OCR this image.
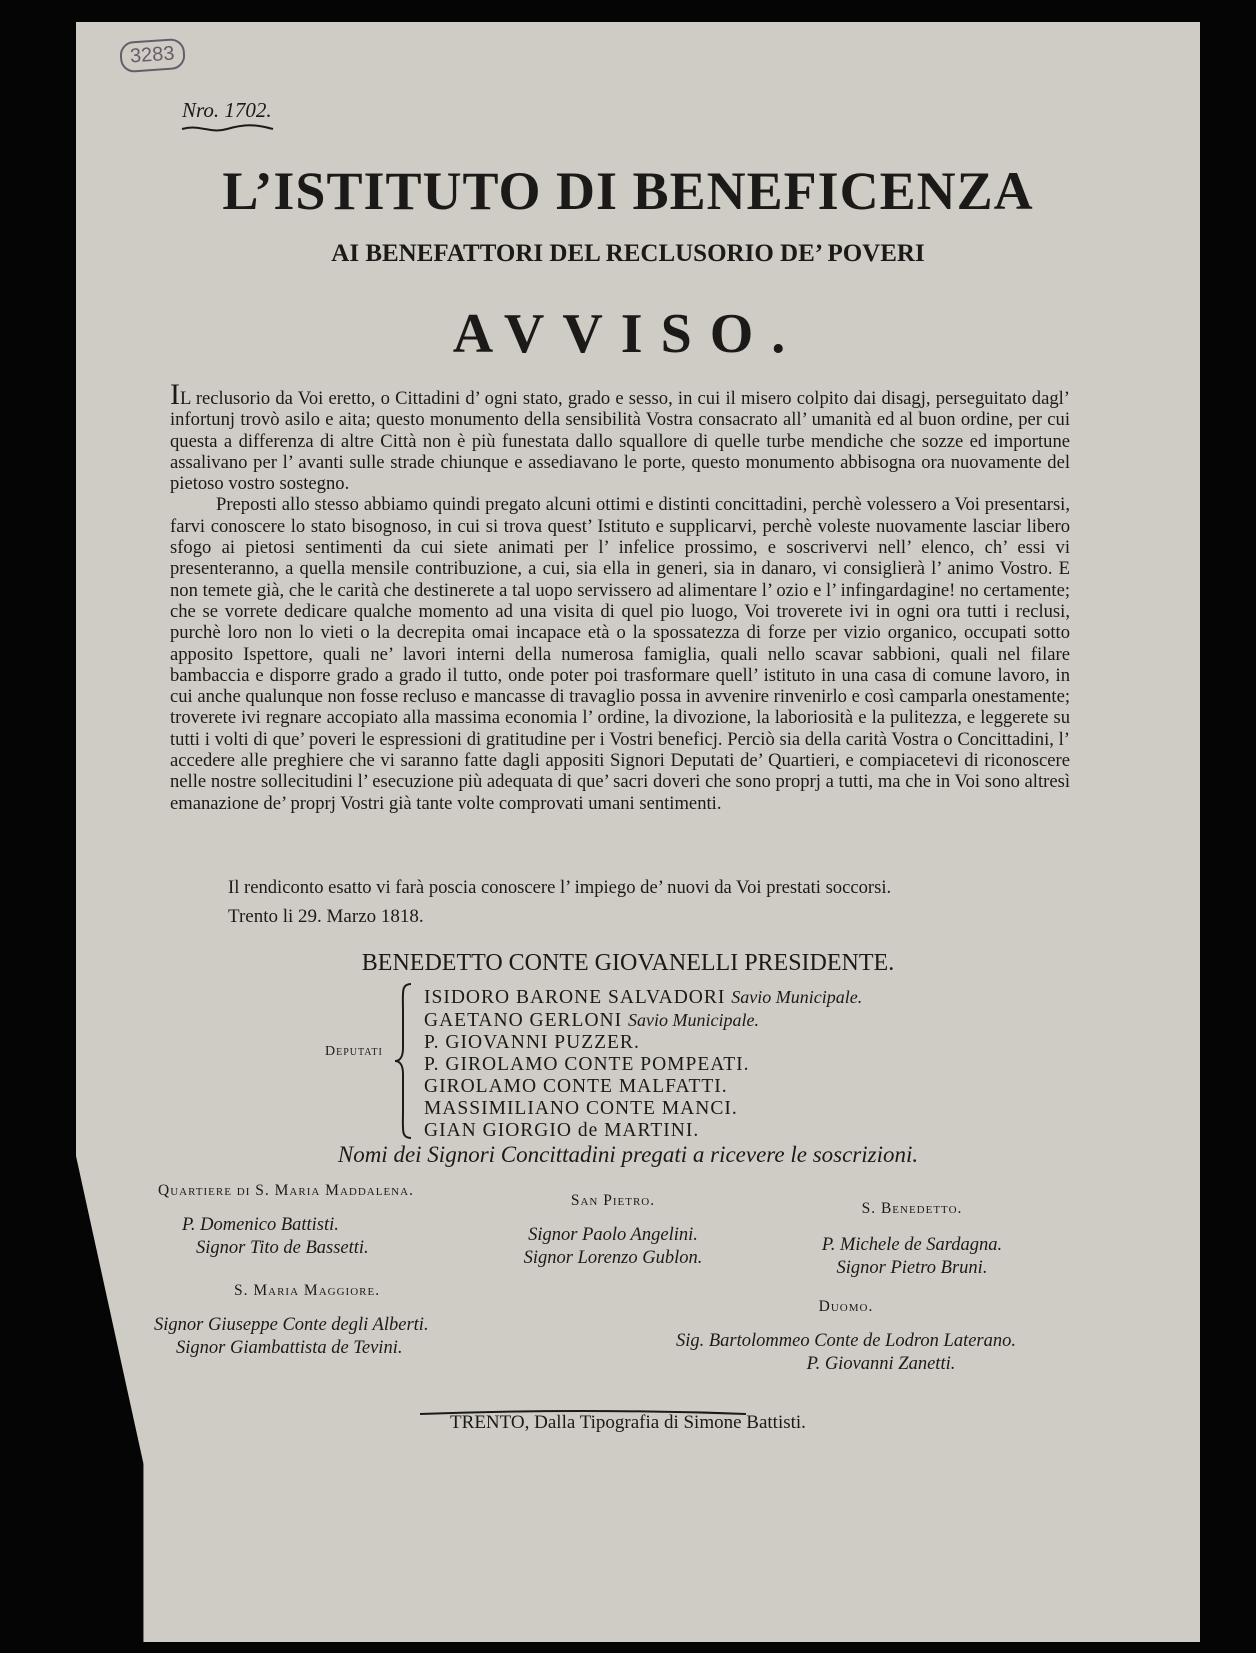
3283
Nro. 1702.
L’ISTITUTO DI BENEFICENZA
AI BENEFATTORI DEL RECLUSORIO DE’ POVERI
AVVISO.

IL reclusorio da Voi eretto, o Cittadini d’ ogni stato, grado e sesso, in cui il misero colpito dai disagj, perseguitato dagl’ infortunj trovò asilo e aita; questo monumento della sensibilità Vostra consacrato all’ umanità ed al buon ordine, per cui questa a differenza di altre Città non è più funestata dallo squallore di quelle turbe mendiche che sozze ed importune assalivano per l’ avanti sulle strade chiunque e assediavano le porte, questo monumento abbisogna ora nuovamente del pietoso vostro sostegno.

Preposti allo stesso abbiamo quindi pregato alcuni ottimi e distinti concittadini, perchè volessero a Voi presentarsi, farvi conoscere lo stato bisognoso, in cui si trova quest’ Istituto e supplicarvi, perchè voleste nuovamente lasciar libero sfogo ai pietosi sentimenti da cui siete animati per l’ infelice prossimo, e soscrivervi nell’ elenco, ch’ essi vi presenteranno, a quella mensile contribuzione, a cui, sia ella in generi, sia in danaro, vi consiglierà l’ animo Vostro. E non temete già, che le carità che destinerete a tal uopo servissero ad alimentare l’ ozio e l’ infingardagine! no certamente; che se vorrete dedicare qualche momento ad una visita di quel pio luogo, Voi troverete ivi in ogni ora tutti i reclusi, purchè loro non lo vieti o la decrepita omai incapace età o la spossatezza di forze per vizio organico, occupati sotto apposito Ispettore, quali ne’ lavori interni della numerosa famiglia, quali nello scavar sabbioni, quali nel filare bambaccia e disporre grado a grado il tutto, onde poter poi trasformare quell’ istituto in una casa di comune lavoro, in cui anche qualunque non fosse recluso e mancasse di travaglio possa in avvenire rinvenirlo e così camparla onestamente; troverete ivi regnare accopiato alla massima economia l’ ordine, la divozione, la laboriosità e la pulitezza, e leggerete su tutti i volti di que’ poveri le espressioni di gratitudine per i Vostri beneficj. Perciò sia della carità Vostra o Concittadini, l’ accedere alle preghiere che vi saranno fatte dagli appositi Signori Deputati de’ Quartieri, e compiacetevi di riconoscere nelle nostre sollecitudini l’ esecuzione più adequata di que’ sacri doveri che sono proprj a tutti, ma che in Voi sono altresì emanazione de’ proprj Vostri già tante volte comprovati umani sentimenti.

Il rendiconto esatto vi farà poscia conoscere l’ impiego de’ nuovi da Voi prestati soccorsi.
Trento li 29. Marzo 1818.
BENEDETTO CONTE GIOVANELLI PRESIDENTE.
Deputati
ISIDORO BARONE SALVADORI Savio Municipale.
GAETANO GERLONI Savio Municipale.
P. GIOVANNI PUZZER.
P. GIROLAMO CONTE POMPEATI.
GIROLAMO CONTE MALFATTI.
MASSIMILIANO CONTE MANCI.
GIAN GIORGIO de MARTINI.
Nomi dei Signori Concittadini pregati a ricevere le soscrizioni.
Quartiere di S. Maria Maddalena.
P. Domenico Battisti.
Signor Tito de Bassetti.
San Pietro.
Signor Paolo Angelini.
Signor Lorenzo Gublon.
S. Benedetto.
P. Michele de Sardagna.
Signor Pietro Bruni.
S. Maria Maggiore.
Signor Giuseppe Conte degli Alberti.
Signor Giambattista de Tevini.
Duomo.
Sig. Bartolommeo Conte de Lodron Laterano.
P. Giovanni Zanetti.
TRENTO, Dalla Tipografia di Simone Battisti.
